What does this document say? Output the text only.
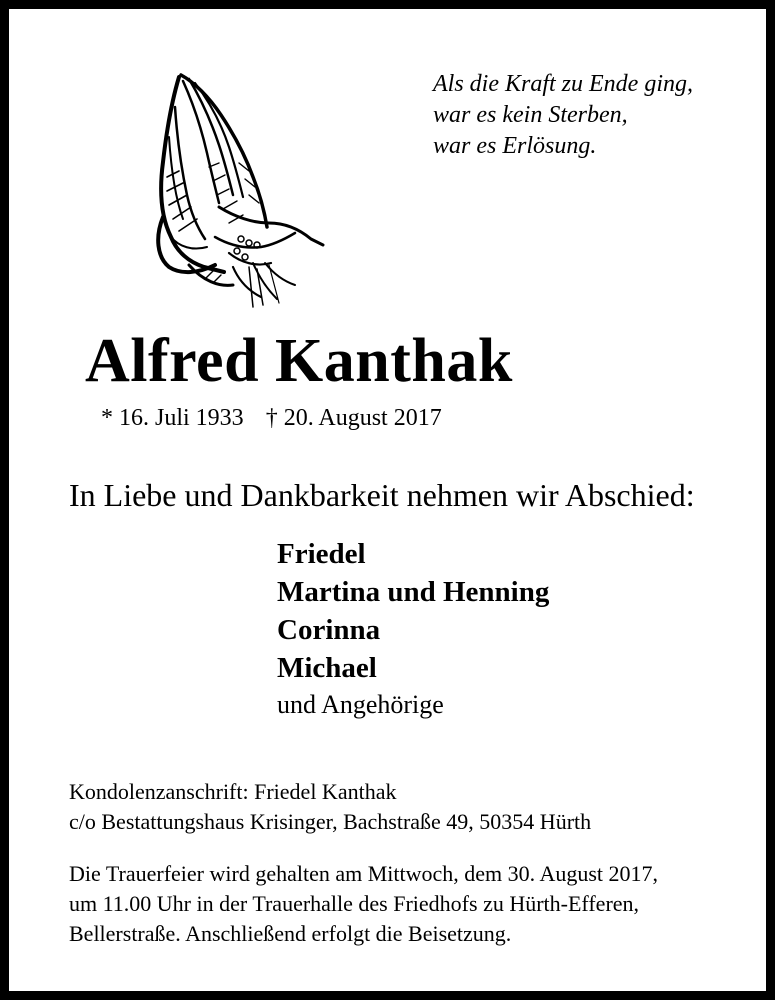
Als die Kraft zu Ende ging,
war es kein Sterben,
war es Erlösung.
Alfred Kanthak
* 16. Juli 1933 † 20. August 2017
In Liebe und Dankbarkeit nehmen wir Abschied:
Friedel
Martina und Henning
Corinna
Michael
und Angehörige
Kondolenzanschrift: Friedel Kanthak
c/o Bestattungshaus Krisinger, Bachstraße 49, 50354 Hürth
Die Trauerfeier wird gehalten am Mittwoch, dem 30. August 2017,
um 11.00 Uhr in der Trauerhalle des Friedhofs zu Hürth-Efferen,
Bellerstraße. Anschließend erfolgt die Beisetzung.
